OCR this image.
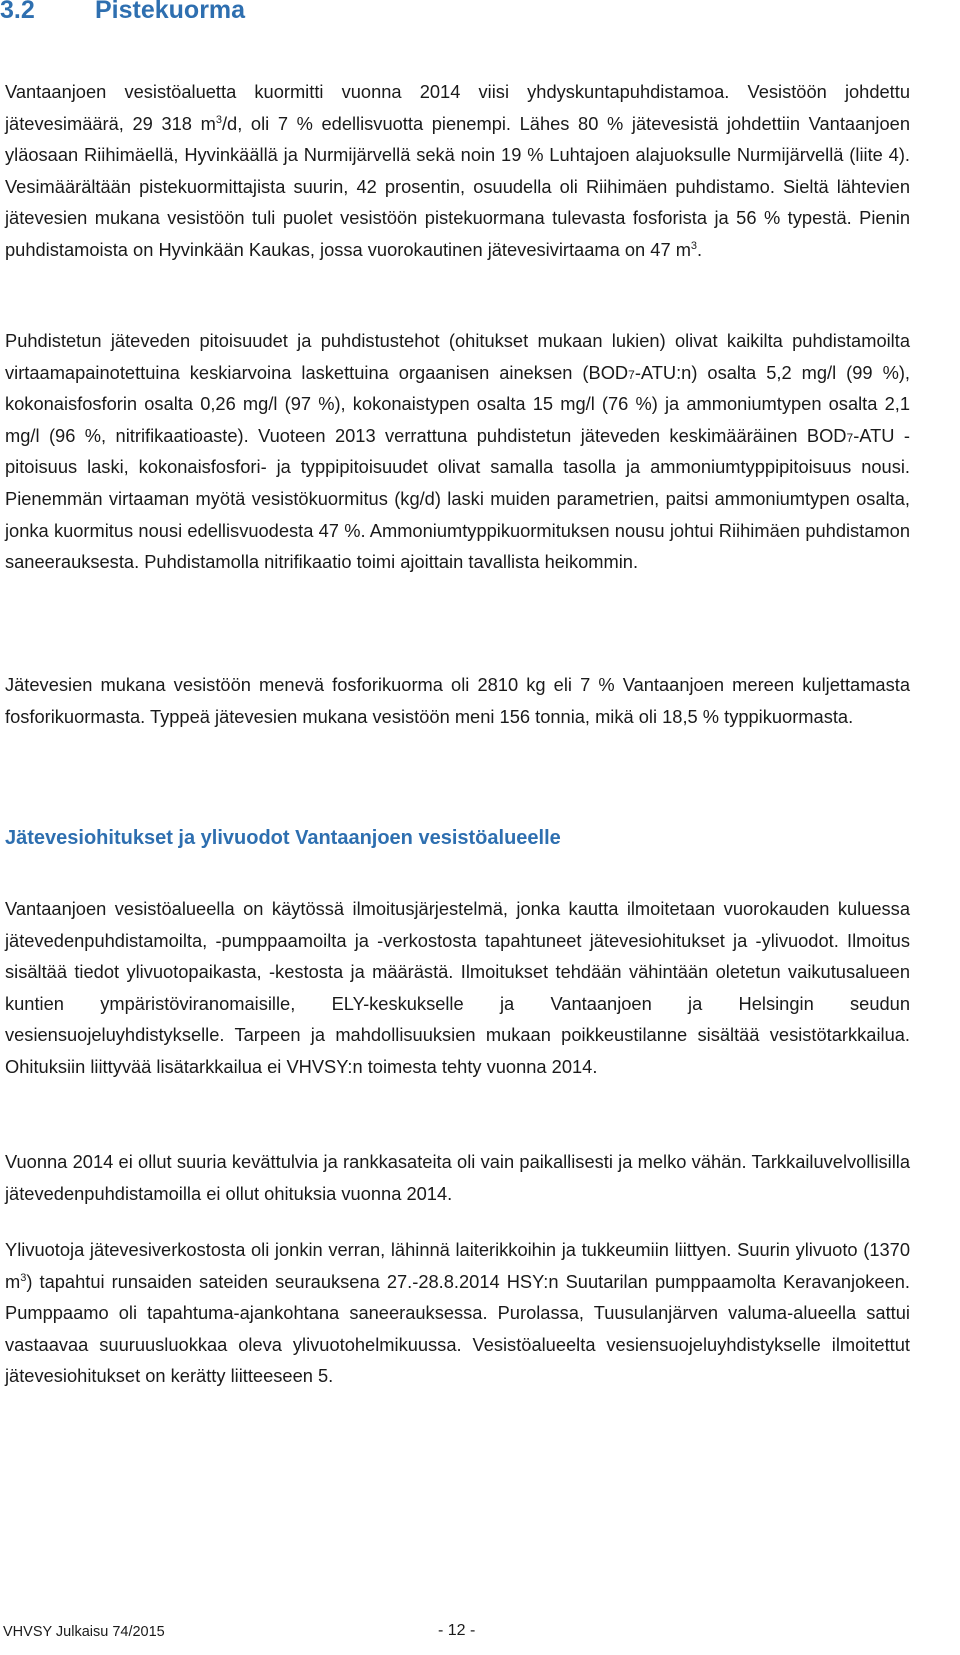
3.2 Pistekuorma

Vantaanjoen vesistöaluetta kuormitti vuonna 2014 viisi yhdyskuntapuhdistamoa. Vesistöön johdettu jätevesimäärä, 29 318 $m^3/d$, oli 7 % edellisvuotta pienempi. Lähes 80 % jätevesistä johdettiin Vantaanjoen yläosaan Riihimäellä, Hyvinkäällä ja Nurmijärvellä sekä noin 19 % Luhtajoen alajuoksulle Nurmijärvellä (liite 4). Vesimäärältään pistekuormittajista suurin, 42 prosentin, osuudella oli Riihimäen puhdistamo. Sieltä lähtevien jätevesien mukana vesistöön tuli puolet vesistöön pistekuormana tulevasta fosforista ja 56 % typestä. Pienin puhdistamoista on Hyvinkään Kaukas, jossa vuorokautinen jätevesivirtaama on 47 $m^3$.

Puhdistetun jäteveden pitoisuudet ja puhdistustehot (ohitukset mukaan lukien) olivat kaikilta puhdistamoilta virtaamapainotettuina keskiarvoina laskettuina orgaanisen aineksen (BOD7-ATU:n) osalta 5,2 mg/l (99 %), kokonaisfosforin osalta 0,26 mg/l (97 %), kokonaistypen osalta 15 mg/l (76 %) ja ammoniumtypen osalta 2,1 mg/l (96 %, nitrifikaatioaste). Vuoteen 2013 verrattuna puhdistetun jäteveden keskimääräinen BOD7-ATU -pitoisuus laski, kokonaisfosfori- ja typpipitoisuudet olivat samalla tasolla ja ammoniumtyppipitoisuus nousi. Pienemmän virtaaman myötä vesistökuormitus (kg/d) laski muiden parametrien, paitsi ammoniumtypen osalta, jonka kuormitus nousi edellisvuodesta 47 %. Ammoniumtyppikuormituksen nousu johtui Riihimäen puhdistamon saneerauksesta. Puhdistamolla nitrifikaatio toimi ajoittain tavallista heikommin.

Jätevesien mukana vesistöön menevä fosforikuorma oli 2810 kg eli 7 % Vantaanjoen mereen kuljettamasta fosforikuormasta. Typpeä jätevesien mukana vesistöön meni 156 tonnia, mikä oli 18,5 % typpikuormasta.

Jätevesiohitukset ja ylivuodot Vantaanjoen vesistöalueelle

Vantaanjoen vesistöalueella on käytössä ilmoitusjärjestelmä, jonka kautta ilmoitetaan vuorokauden kuluessa jätevedenpuhdistamoilta, -pumppaamoilta ja -verkostosta tapahtuneet jätevesiohitukset ja -ylivuodot. Ilmoitus sisältää tiedot ylivuotopaikasta, -kestosta ja määrästä. Ilmoitukset tehdään vähintään oletetun vaikutusalueen kuntien ympäristöviranomaisille, ELY-keskukselle ja Vantaanjoen ja Helsingin seudun vesiensuojeluyhdistykselle. Tarpeen ja mahdollisuuksien mukaan poikkeustilanne sisältää vesistötarkkailua. Ohituksiin liittyvää lisätarkkailua ei VHVSY:n toimesta tehty vuonna 2014.

Vuonna 2014 ei ollut suuria kevättulvia ja rankkasateita oli vain paikallisesti ja melko vähän. Tarkkailuvelvollisilla jätevedenpuhdistamoilla ei ollut ohituksia vuonna 2014.

Ylivuotoja jätevesiverkostosta oli jonkin verran, lähinnä laiterikkoihin ja tukkeumiin liittyen. Suurin ylivuoto (1370 $m^3$) tapahtui runsaiden sateiden seurauksena 27.-28.8.2014 HSY:n Suutarilan pumppaamolta Keravanjokeen. Pumppaamo oli tapahtuma-ajankohtana saneerauksessa. Purolassa, Tuusulanjärven valuma-alueella sattui vastaavaa suuruusluokkaa oleva ylivuotohelmikuussa. Vesistöalueelta vesiensuojeluyhdistykselle ilmoitettut jätevesiohitukset on kerätty liitteeseen 5.

VHVSY Julkaisu 74/2015	- 12 -
